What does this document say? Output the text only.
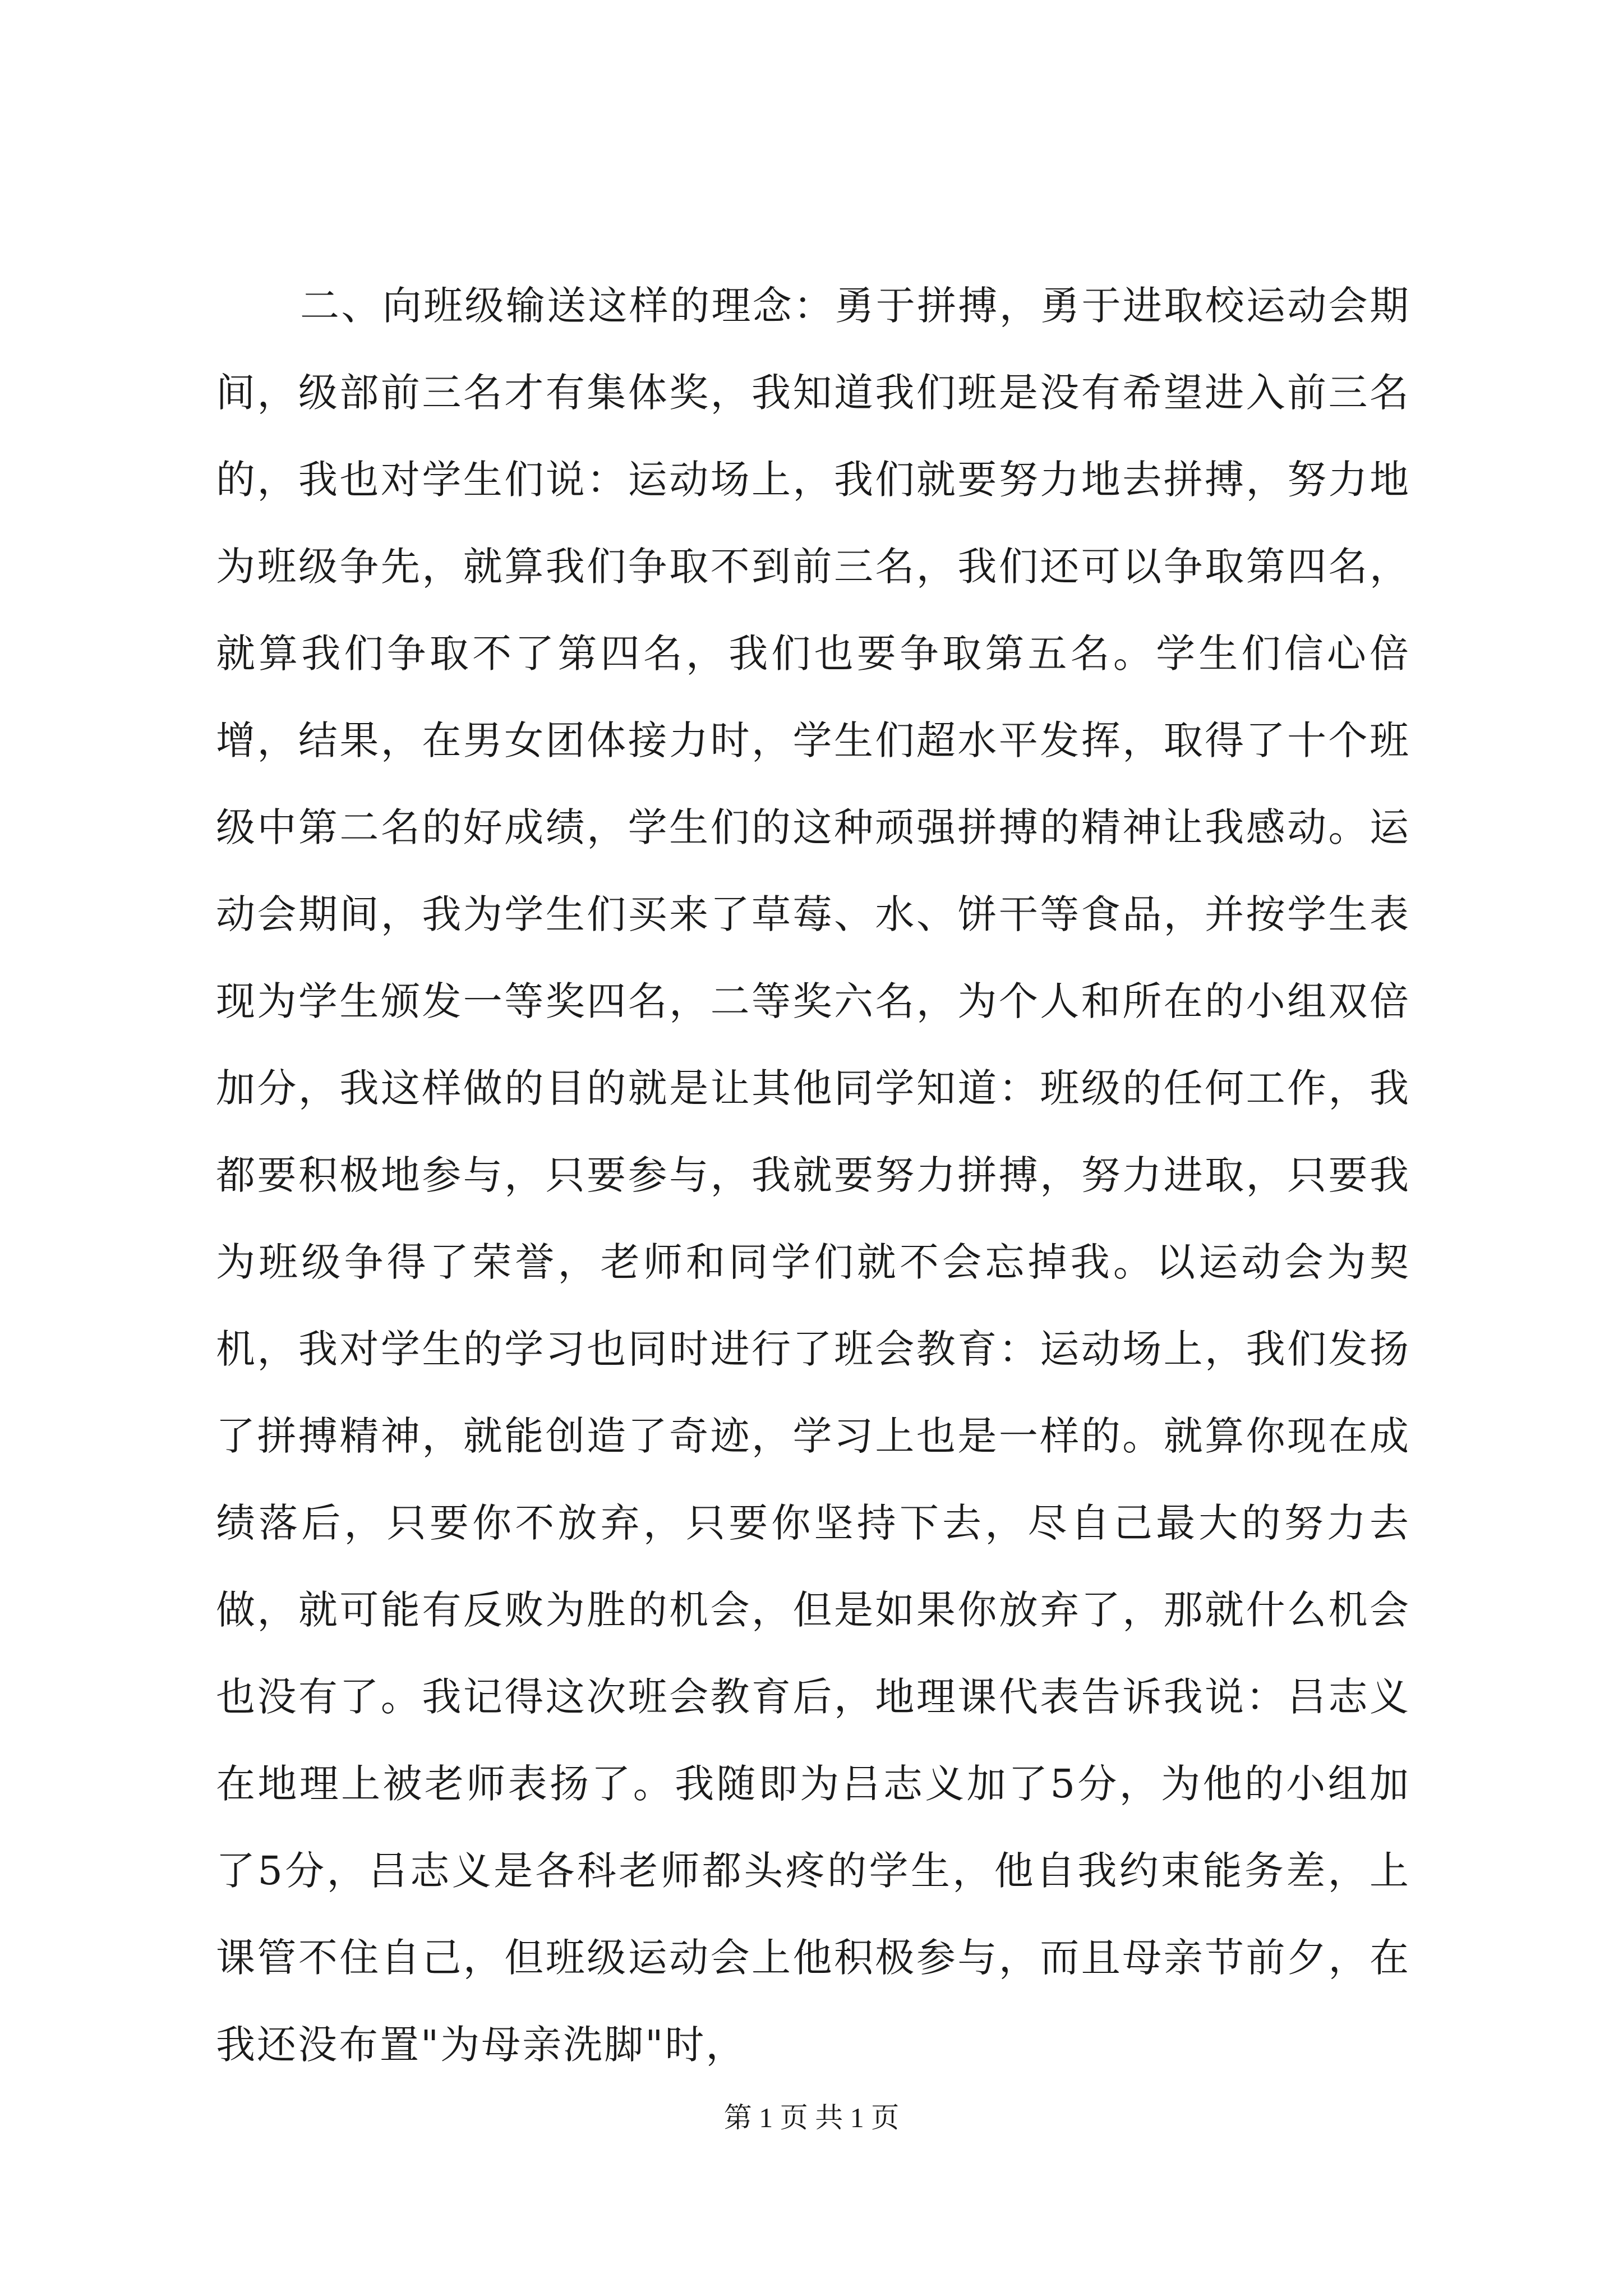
二、向班级输送这样的理念：勇于拼搏，勇于进取校运动会期间，级部前三名才有集体奖，我知道我们班是没有希望进入前三名的，我也对学生们说：运动场上，我们就要努力地去拼搏，努力地为班级争先，就算我们争取不到前三名，我们还可以争取第四名，就算我们争取不了第四名，我们也要争取第五名。学生们信心倍增，结果，在男女团体接力时，学生们超水平发挥，取得了十个班级中第二名的好成绩，学生们的这种顽强拼搏的精神让我感动。运动会期间，我为学生们买来了草莓、水、饼干等食品，并按学生表现为学生颁发一等奖四名，二等奖六名，为个人和所在的小组双倍加分，我这样做的目的就是让其他同学知道：班级的任何工作，我都要积极地参与，只要参与，我就要努力拼搏，努力进取，只要我为班级争得了荣誉，老师和同学们就不会忘掉我。以运动会为契机，我对学生的学习也同时进行了班会教育：运动场上，我们发扬了拼搏精神，就能创造了奇迹，学习上也是一样的。就算你现在成绩落后，只要你不放弃，只要你坚持下去，尽自己最大的努力去做，就可能有反败为胜的机会，但是如果你放弃了，那就什么机会也没有了。我记得这次班会教育后，地理课代表告诉我说：吕志义在地理上被老师表扬了。我随即为吕志义加了5分，为他的小组加了5分，吕志义是各科老师都头疼的学生，他自我约束能务差，上课管不住自己，但班级运动会上他积极参与，而且母亲节前夕，在我还没布置"为母亲洗脚"时，

第 1 页 共 1 页
